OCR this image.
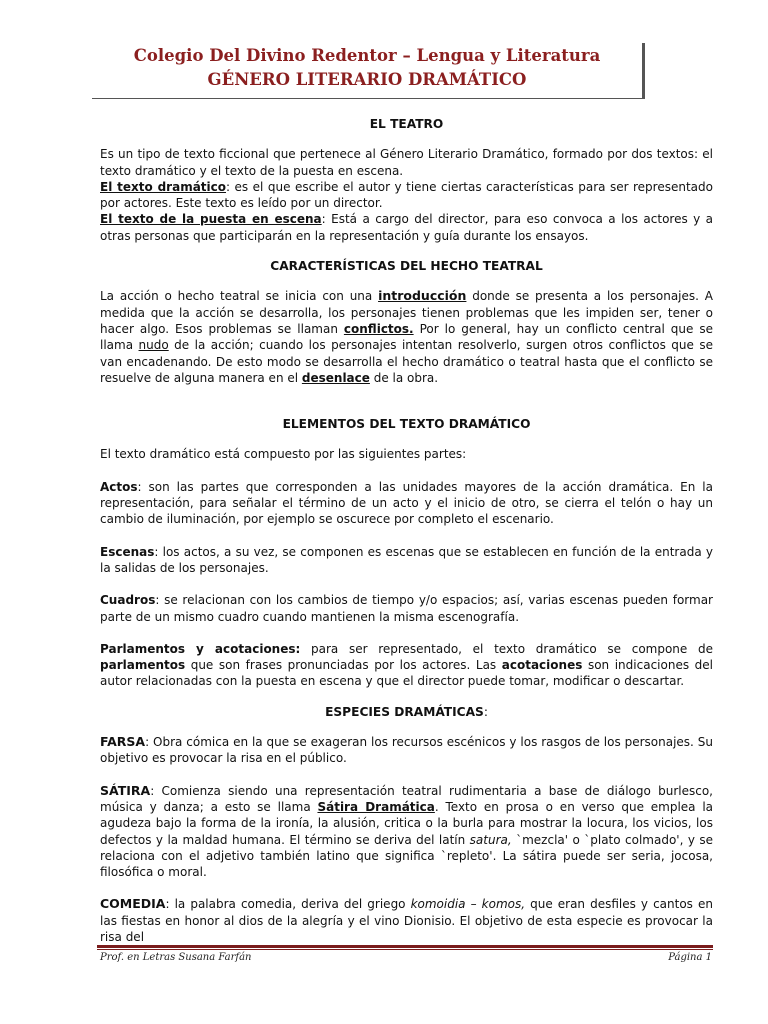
Colegio Del Divino Redentor – Lengua y Literatura
GÉNERO LITERARIO DRAMÁTICO

EL TEATRO

Es un tipo de texto ficcional que pertenece al Género Literario Dramático, formado por dos textos: el texto dramático y el texto de la puesta en escena.

El texto dramático: es el que escribe el autor y tiene ciertas características para ser representado por actores. Este texto es leído por un director.

El texto de la puesta en escena: Está a cargo del director, para eso convoca a los actores y a otras personas que participarán en la representación y guía durante los ensayos.

CARACTERÍSTICAS DEL HECHO TEATRAL

La acción o hecho teatral se inicia con una introducción donde se presenta a los personajes. A medida que la acción se desarrolla, los personajes tienen problemas que les impiden ser, tener o hacer algo. Esos problemas se llaman conflictos. Por lo general, hay un conflicto central que se llama nudo de la acción; cuando los personajes intentan resolverlo, surgen otros conflictos que se van encadenando. De esto modo se desarrolla el hecho dramático o teatral hasta que el conflicto se resuelve de alguna manera en el desenlace de la obra.

ELEMENTOS DEL TEXTO DRAMÁTICO

El texto dramático está compuesto por las siguientes partes:

Actos: son las partes que corresponden a las unidades mayores de la acción dramática. En la representación, para señalar el término de un acto y el inicio de otro, se cierra el telón o hay un cambio de iluminación, por ejemplo se oscurece por completo el escenario.

Escenas: los actos, a su vez, se componen es escenas que se establecen en función de la entrada y la salidas de los personajes.

Cuadros: se relacionan con los cambios de tiempo y/o espacios; así, varias escenas pueden formar parte de un mismo cuadro cuando mantienen la misma escenografía.

Parlamentos y acotaciones: para ser representado, el texto dramático se compone de parlamentos que son frases pronunciadas por los actores. Las acotaciones son indicaciones del autor relacionadas con la puesta en escena y que el director puede tomar, modificar o descartar.

ESPECIES DRAMÁTICAS:

FARSA: Obra cómica en la que se exageran los recursos escénicos y los rasgos de los personajes. Su objetivo es provocar la risa en el público.

SÁTIRA: Comienza siendo una representación teatral rudimentaria a base de diálogo burlesco, música y danza; a esto se llama Sátira Dramática. Texto en prosa o en verso que emplea la agudeza bajo la forma de la ironía, la alusión, critica o la burla para mostrar la locura, los vicios, los defectos y la maldad humana. El término se deriva del latín satura, `mezcla' o `plato colmado', y se relaciona con el adjetivo también latino que significa `repleto'. La sátira puede ser seria, jocosa, filosófica o moral.

COMEDIA: la palabra comedia, deriva del griego komoidia – komos, que eran desfiles y cantos en las fiestas en honor al dios de la alegría y el vino Dionisio. El objetivo de esta especie es provocar la risa del

Prof. en Letras Susana Farfán	Página 1
